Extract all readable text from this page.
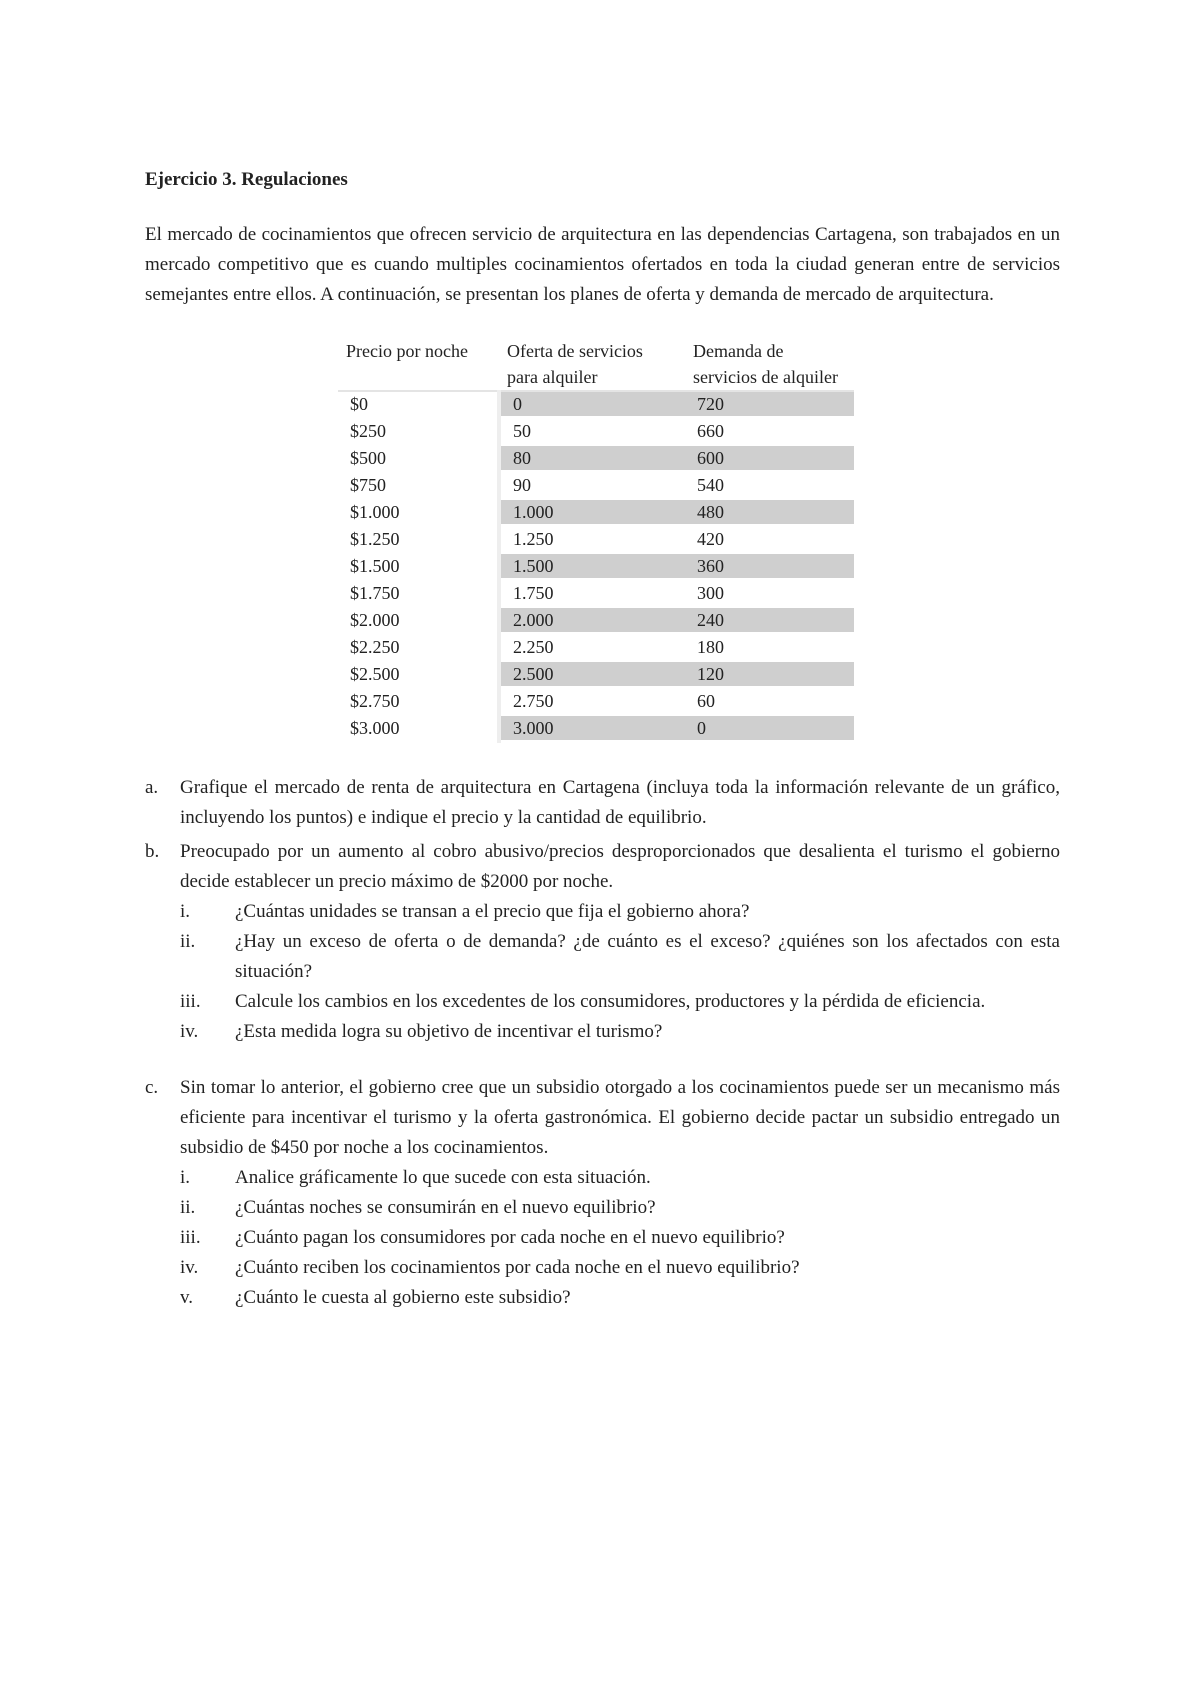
Ejercicio 3. Regulaciones
El mercado de cocinamientos que ofrecen servicio de arquitectura en las dependencias Cartagena, son trabajados en un mercado competitivo que es cuando multiples cocinamientos ofertados en toda la ciudad generan entre de servicios semejantes entre ellos. A continuación, se presentan los planes de oferta y demanda de mercado de arquitectura.
Precio por noche	Oferta de servicios para alquiler	Demanda de servicios de alquiler
$0	0	720
$250	50	660
$500	80	600
$750	90	540
$1.000	1.000	480
$1.250	1.250	420
$1.500	1.500	360
$1.750	1.750	300
$2.000	2.000	240
$2.250	2.250	180
$2.500	2.500	120
$2.750	2.750	60
$3.000	3.000	0
a.	Grafique el mercado de renta de arquitectura en Cartagena (incluya toda la información relevante de un gráfico, incluyendo los puntos) e indique el precio y la cantidad de equilibrio.
b.	Preocupado por un aumento al cobro abusivo/precios desproporcionados que desalienta el turismo el gobierno decide establecer un precio máximo de $2000 por noche.
i.	¿Cuántas unidades se transan a el precio que fija el gobierno ahora?
ii.	¿Hay un exceso de oferta o de demanda? ¿de cuánto es el exceso? ¿quiénes son los afectados con esta situación?
iii.	Calcule los cambios en los excedentes de los consumidores, productores y la pérdida de eficiencia.
iv.	¿Esta medida logra su objetivo de incentivar el turismo?
c.	Sin tomar lo anterior, el gobierno cree que un subsidio otorgado a los cocinamientos puede ser un mecanismo más eficiente para incentivar el turismo y la oferta gastronómica. El gobierno decide pactar un subsidio entregado un subsidio de $450 por noche a los cocinamientos.
i.	Analice gráficamente lo que sucede con esta situación.
ii.	¿Cuántas noches se consumirán en el nuevo equilibrio?
iii.	¿Cuánto pagan los consumidores por cada noche en el nuevo equilibrio?
iv.	¿Cuánto reciben los cocinamientos por cada noche en el nuevo equilibrio?
v.	¿Cuánto le cuesta al gobierno este subsidio?
